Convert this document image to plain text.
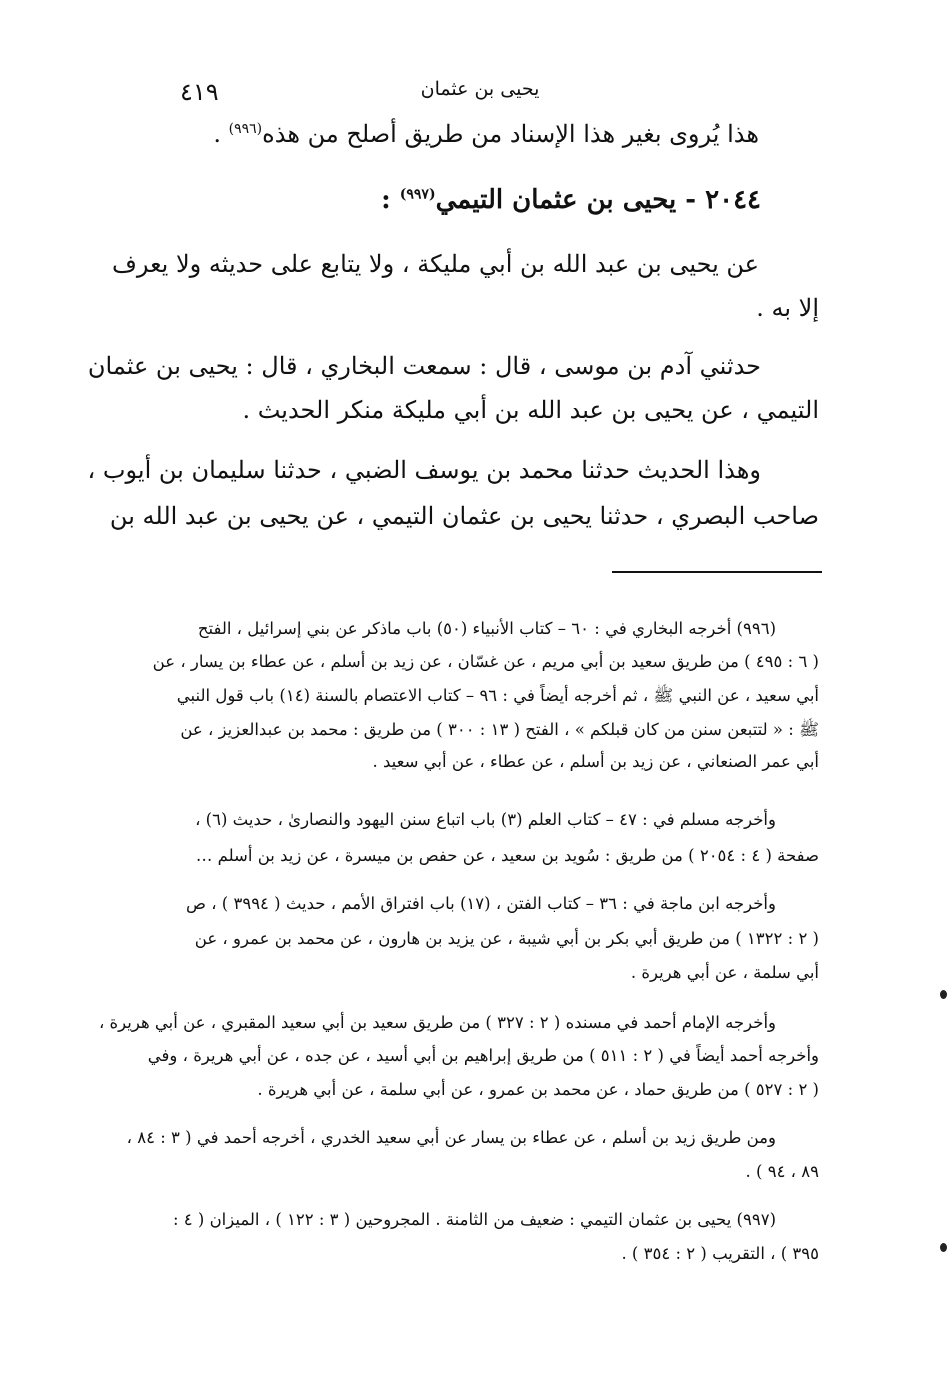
يحيى بن عثمان
٤١٩
هذا يُروى بغير هذا الإسناد من طريق أصلح من هذه$^{(٩٩٦)}$ .
٢٠٤٤ - يحيى بن عثمان التيمي$^{(٩٩٧)}$ :
عن يحيى بن عبد الله بن أبي مليكة ، ولا يتابع على حديثه ولا يعرف
إلا به .
حدثني آدم بن موسى ، قال : سمعت البخاري ، قال : يحيى بن عثمان
التيمي ، عن يحيى بن عبد الله بن أبي مليكة منكر الحديث .
وهذا الحديث حدثنا محمد بن يوسف الضبي ، حدثنا سليمان بن أيوب ،
صاحب البصري ، حدثنا يحيى بن عثمان التيمي ، عن يحيى بن عبد الله بن
(٩٩٦) أخرجه البخاري في : ٦٠ – كتاب الأنبياء (٥٠) باب ماذكر عن بني إسرائيل ، الفتح
( ٦ : ٤٩٥ ) من طريق سعيد بن أبي مريم ، عن غسّان ، عن زيد بن أسلم ، عن عطاء بن يسار ، عن
أبي سعيد ، عن النبي ﷺ ، ثم أخرجه أيضاً في : ٩٦ – كتاب الاعتصام بالسنة (١٤) باب قول النبي
ﷺ : « لتتبعن سنن من كان قبلكم » ، الفتح ( ١٣ : ٣٠٠ ) من طريق : محمد بن عبدالعزيز ، عن
أبي عمر الصنعاني ، عن زيد بن أسلم ، عن عطاء ، عن أبي سعيد .
وأخرجه مسلم في : ٤٧ – كتاب العلم (٣) باب اتباع سنن اليهود والنصارىٰ ، حديث (٦) ،
صفحة ( ٤ : ٢٠٥٤ ) من طريق : سُويد بن سعيد ، عن حفص بن ميسرة ، عن زيد بن أسلم …
وأخرجه ابن ماجة في : ٣٦ – كتاب الفتن ، (١٧) باب افتراق الأمم ، حديث ( ٣٩٩٤ ) ، ص
( ٢ : ١٣٢٢ ) من طريق أبي بكر بن أبي شيبة ، عن يزيد بن هارون ، عن محمد بن عمرو ، عن
أبي سلمة ، عن أبي هريرة .
وأخرجه الإمام أحمد في مسنده ( ٢ : ٣٢٧ ) من طريق سعيد بن أبي سعيد المقبري ، عن أبي هريرة ،
وأخرجه أحمد أيضاً في ( ٢ : ٥١١ ) من طريق إبراهيم بن أبي أسيد ، عن جده ، عن أبي هريرة ، وفي
( ٢ : ٥٢٧ ) من طريق حماد ، عن محمد بن عمرو ، عن أبي سلمة ، عن أبي هريرة .
ومن طريق زيد بن أسلم ، عن عطاء بن يسار عن أبي سعيد الخدري ، أخرجه أحمد في ( ٣ : ٨٤ ،
٨٩ ، ٩٤ ) .
(٩٩٧) يحيى بن عثمان التيمي : ضعيف من الثامنة . المجروحين ( ٣ : ١٢٢ ) ، الميزان ( ٤ :
٣٩٥ ) ، التقريب ( ٢ : ٣٥٤ ) .
